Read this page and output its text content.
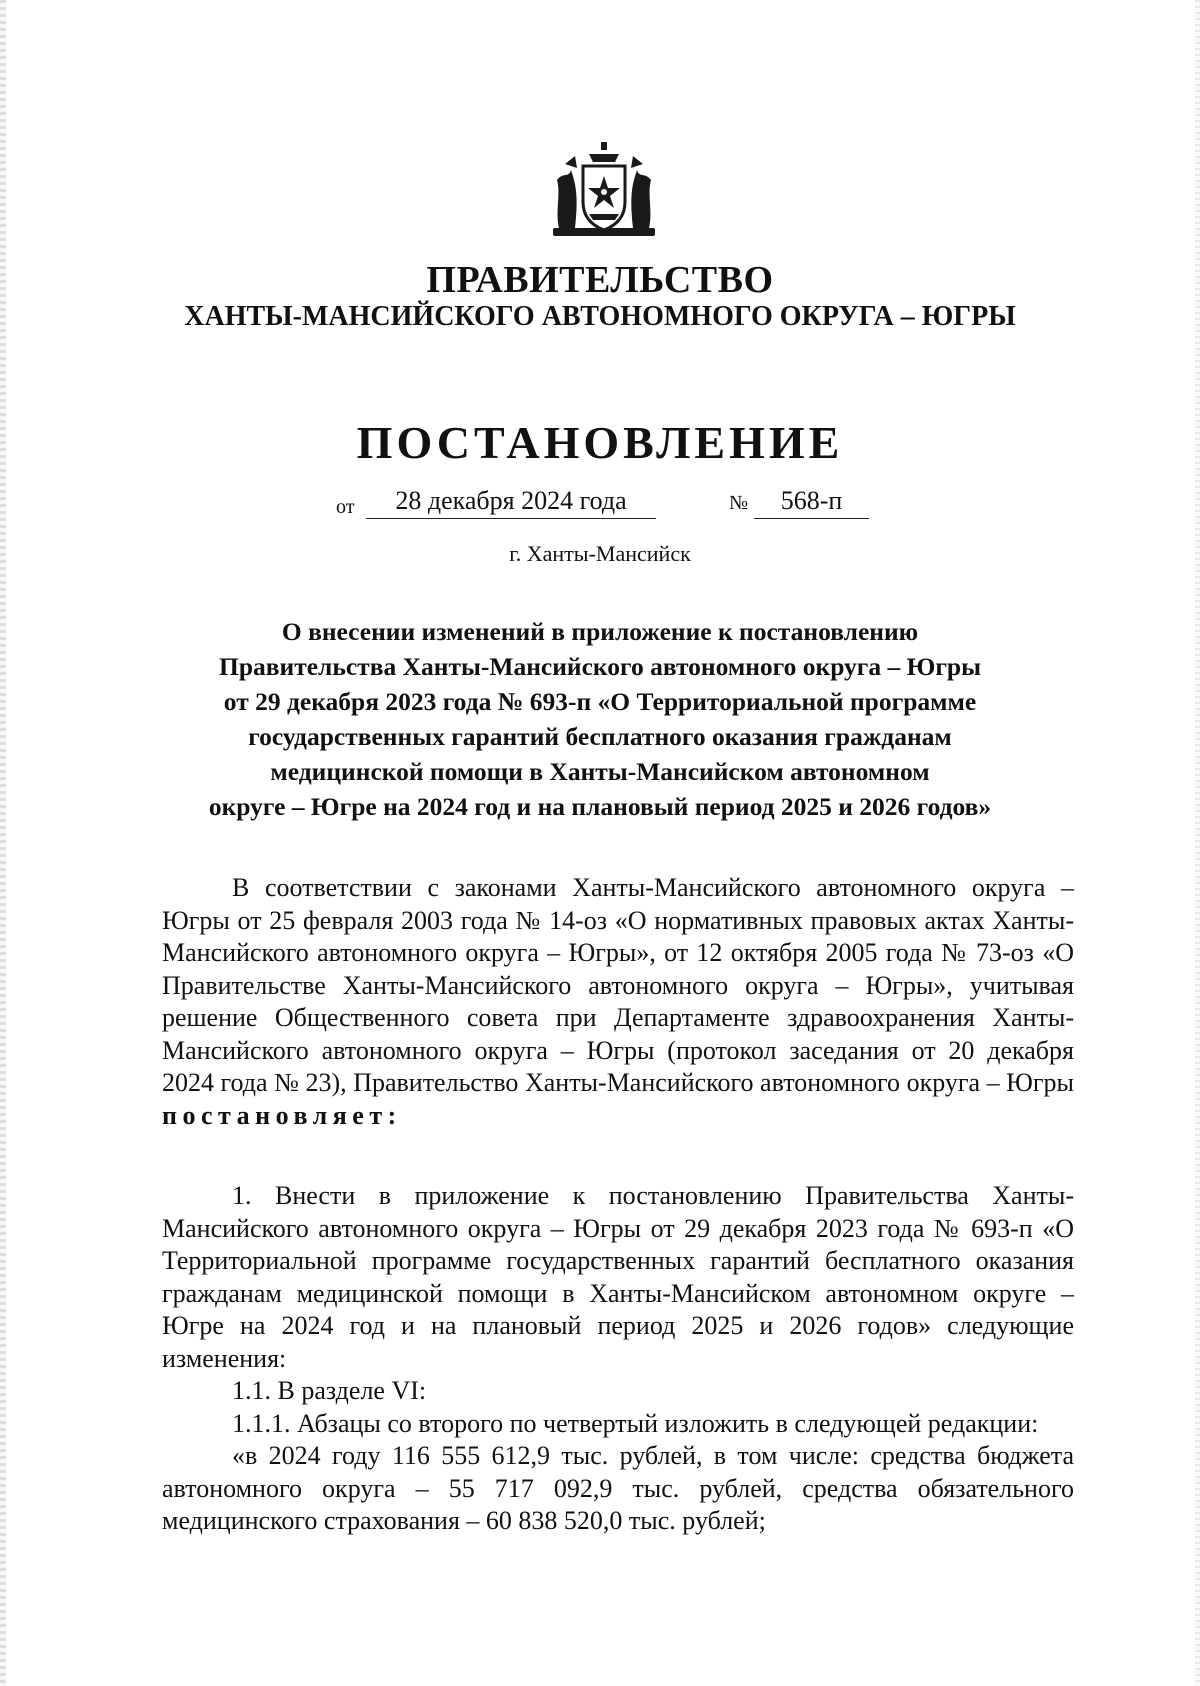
ПРАВИТЕЛЬСТВО
ХАНТЫ-МАНСИЙСКОГО АВТОНОМНОГО ОКРУГА – ЮГРЫ
ПОСТАНОВЛЕНИЕ
от	28 декабря 2024 года	№	568-п
г. Ханты-Мансийск
О внесении изменений в приложение к постановлению
Правительства Ханты-Мансийского автономного округа – Югры
от 29 декабря 2023 года № 693-п «О Территориальной программе
государственных гарантий бесплатного оказания гражданам
медицинской помощи в Ханты-Мансийском автономном
округе – Югре на 2024 год и на плановый период 2025 и 2026 годов»

В соответствии с законами Ханты-Мансийского автономного округа – Югры от 25 февраля 2003 года № 14-оз «О нормативных правовых актах Ханты-Мансийского автономного округа – Югры», от 12 октября 2005 года № 73-оз «О Правительстве Ханты-Мансийского автономного округа – Югры», учитывая решение Общественного совета при Департаменте здравоохранения Ханты-Мансийского автономного округа – Югры (протокол заседания от 20 декабря 2024 года № 23), Правительство Ханты-Мансийского автономного округа – Югры постановляет:

1. Внести в приложение к постановлению Правительства Ханты-Мансийского автономного округа – Югры от 29 декабря 2023 года № 693-п «О Территориальной программе государственных гарантий бесплатного оказания гражданам медицинской помощи в Ханты-Мансийском автономном округе – Югре на 2024 год и на плановый период 2025 и 2026 годов» следующие изменения:

1.1. В разделе VI:

1.1.1. Абзацы со второго по четвертый изложить в следующей редакции:

«в 2024 году 116 555 612,9 тыс. рублей, в том числе: средства бюджета автономного округа – 55 717 092,9 тыс. рублей, средства обязательного медицинского страхования – 60 838 520,0 тыс. рублей;
